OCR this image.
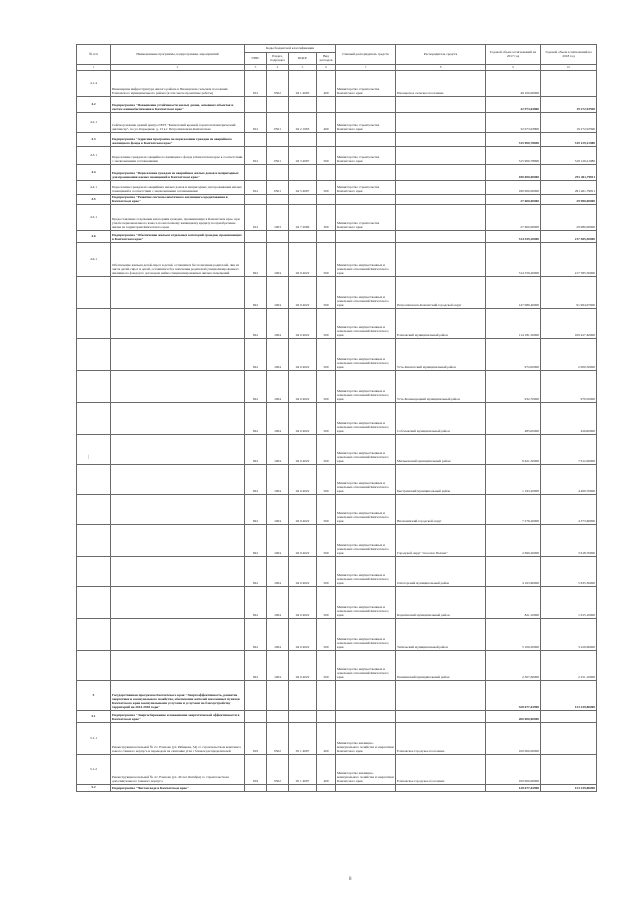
№ п/п	Наименование программы, подпрограммы, мероприятий	Коды бюджетной классификации				Главный распорядитель средств	Распорядитель средств	Годовой объем ассигнований на 2017 год	Годовой объем ассигнований на 2018 год
		ГРБС	Раздел, подраздел	КЦСР	Вид расходов				
1	2	3	4	5	6	7	8	9	10
4.1.4	Инженерная инфраструктура жилого района в Пионерском сельском поселении Елизовского муниципального района (в том числе проектные работы)	812	0502	04 1 4095	400	Министерство строительства Камчатского края	Пионерское сельское поселение	49 100,00000	
4.2	Подпрограмма "Повышение устойчивости жилых домов, основных объектов и систем жизнеобеспечения в Камчатском крае"							32 973,63800	19 272,93590
4.2.1	Сейсмоусиление зданий центра ГБУЗ "Камчатский краевой геронтопсихиатрический диспансер", по ул. Карьерная, д. 13 в г. Петропавловске-Камчатском	812	0501	04 2 1063	400	Министерство строительства Камчатского края		32 973,63800	19 272,93590
4.3	Подпрограмма "Адресная программа по переселению граждан из аварийного жилищного фонда в Камчатском крае"							315 900,78690	319 129,21980
4.3.1	Переселение граждан из аварийного жилищного фонда в Камчатском крае в соответствии с заключенными соглашениями	812	0501	04 3 4097	500	Министерство строительства Камчатского края		315 900,78690	319 129,21980
4.4	Подпрограмма "Переселение граждан из аварийных жилых домов и непригодных для проживания жилых помещений в Камчатском крае"							180 000,00000	291 461,79811
4.4.1	Переселение граждан из аварийных жилых домов и непригодных для проживания жилых помещений в соответствии с заключенными соглашениями	812	0501	04 5 4097	500	Министерство строительства Камчатского края		180 000,00000	291 461,79811
4.5	Подпрограмма "Развитие системы ипотечного жилищного кредитования в Камчатском крае"							27 600,00000	29 980,00000
4.5.1	Предоставление отдельным категориям граждан, проживающих в Камчатском крае, при уплате первоначального взноса по ипотечному жилищному кредиту на приобретение жилья на территории Камчатского края	812	1003	04 7 2069	300	Министерство строительства Камчатского края		27 600,00000	29 980,00000
4.6	Подпрограмма "Обеспечение жильем отдельных категорий граждан, проживающих в Камчатском крае"							314 559,20000	217 585,50000
4.6.1	Обеспечение жильем детей-сирот и детей, оставшихся без попечения родителей, лиц из числа детей-сирот и детей, оставшихся без попечения родителей (специализированного жилищного фонда) по договорам найма специализированных жилых помещений	822	1004	04 9 4022	500	Министерство имущественных и земельных отношений Камчатского края		314 559,20000	217 585,50000
		822	1004	04 9 4022	500	Министерство имущественных и земельных отношений Камчатского края	Петропавловск-Камчатский городской округ	147 080,40000	91 964,97000
		822	1004	04 9 4022	500	Министерство имущественных и земельных отношений Камчатского края	Елизовский муниципальный район	114 181,50000	109 427,40000
		822	1004	04 9 4022	500	Министерство имущественных и земельных отношений Камчатского края	Усть-Камчатский муниципальный район	972,00000	2 000,50000
		822	1004	04 9 4022	500	Министерство имущественных и земельных отношений Камчатского края	Усть-Большерецкий муниципальный район	932,70000	970,50000
		822	1004	04 9 4022	500	Министерство имущественных и земельных отношений Камчатского края	Соболевский муниципальный район	485,00000	426,60000
		822	1004	04 9 4022	500	Министерство имущественных и земельных отношений Камчатского края	Мильковский муниципальный район	9 621,30000	7 612,00000
		822	1004	04 9 4022	500	Министерство имущественных и земельных отношений Камчатского края	Быстринский муниципальный район	1 193,20000	4 469,70000
		822	1004	04 9 4022	500	Министерство имущественных и земельных отношений Камчатского края	Вилючинский городской округ	7 276,20000	4 373,60000
		822	1004	04 9 4022	500	Министерство имущественных и земельных отношений Камчатского края	Городской округ "поселок Палана"	2 690,20000	3 618,70000
		822	1004	04 9 4022	500	Министерство имущественных и земельных отношений Камчатского края	Олюторский муниципальный район	4 163,60000	5 635,30000
		822	1004	04 9 4022	500	Министерство имущественных и земельных отношений Камчатского края	Карагинский муниципальный район	821,10000	1 615,10000
		822	1004	04 9 4022	500	Министерство имущественных и земельных отношений Камчатского края	Тигильский муниципальный район	5 106,20000	3 229,60000
		822	1004	04 9 4022	500	Министерство имущественных и земельных отношений Камчатского края	Пенжинский муниципальный район	2 507,60000	2 251,10000
5	Государственная программа Камчатского края "Энергоэффективность, развитие энергетики и коммунального хозяйства, обеспечение жителей населенных пунктов Камчатского края коммунальными услугами и услугами по благоустройству территорий на 2014-2018 годы"							328 677,63900	123 239,86000
5.1	Подпрограмма "Энергосбережение и повышение энергетической эффективности в Камчатском крае"							200 000,00000	
5.1.1	Реконструкция котельной № 2 г. Елизово (ул. Рябикова, 54) со строительством комплекса нового главного корпуса и переводом на сжигание угля с блоком распределителей	819	0502	05 1 4097	400	Министерство жилищно-коммунального хозяйства и энергетики Камчатского края	Елизовское городское поселение	100 000,00000	
5.1.2	Реконструкция котельной № 4 г. Елизово (ул. 40 лет Октября) со строительством дополнительного главного корпуса	819	0502	05 1 4097	400	Министерство жилищно-коммунального хозяйства и энергетики Камчатского края	Елизовское городское поселение	100 000,00000	
5.2	Подпрограмма "Чистая вода в Камчатском крае"							128 677,63900	123 239,86000
|
8
